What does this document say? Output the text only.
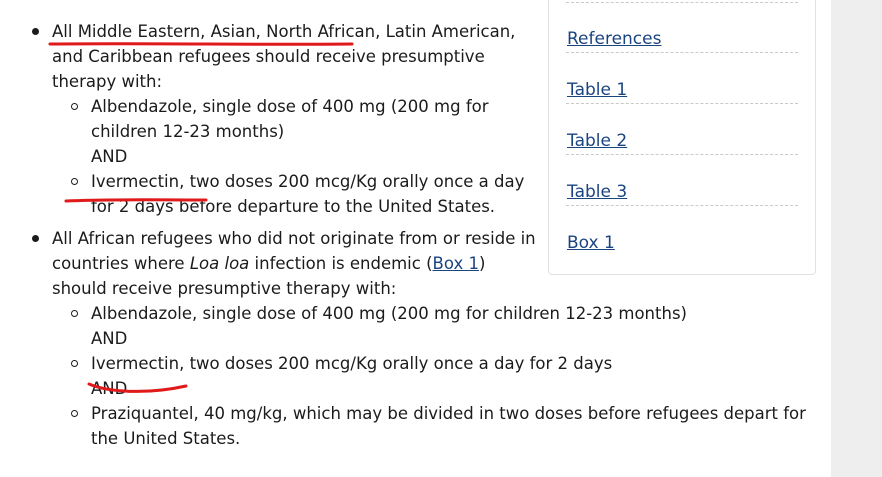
All Middle Eastern, Asian, North African, Latin American, and Caribbean refugees should receive presumptive therapy with:
Albendazole, single dose of 400 mg (200 mg for children 12-23 months)
AND
Ivermectin, two doses 200 mcg/Kg orally once a day for 2 days before departure to the United States.
All African refugees who did not originate from or reside in countries where Loa loa infection is endemic (Box 1) should receive presumptive therapy with:
Albendazole, single dose of 400 mg (200 mg for children 12-23 months)
AND
Ivermectin, two doses 200 mcg/Kg orally once a day for 2 days
AND
Praziquantel, 40 mg/kg, which may be divided in two doses before refugees depart for the United States.
References
Table 1
Table 2
Table 3
Box 1
